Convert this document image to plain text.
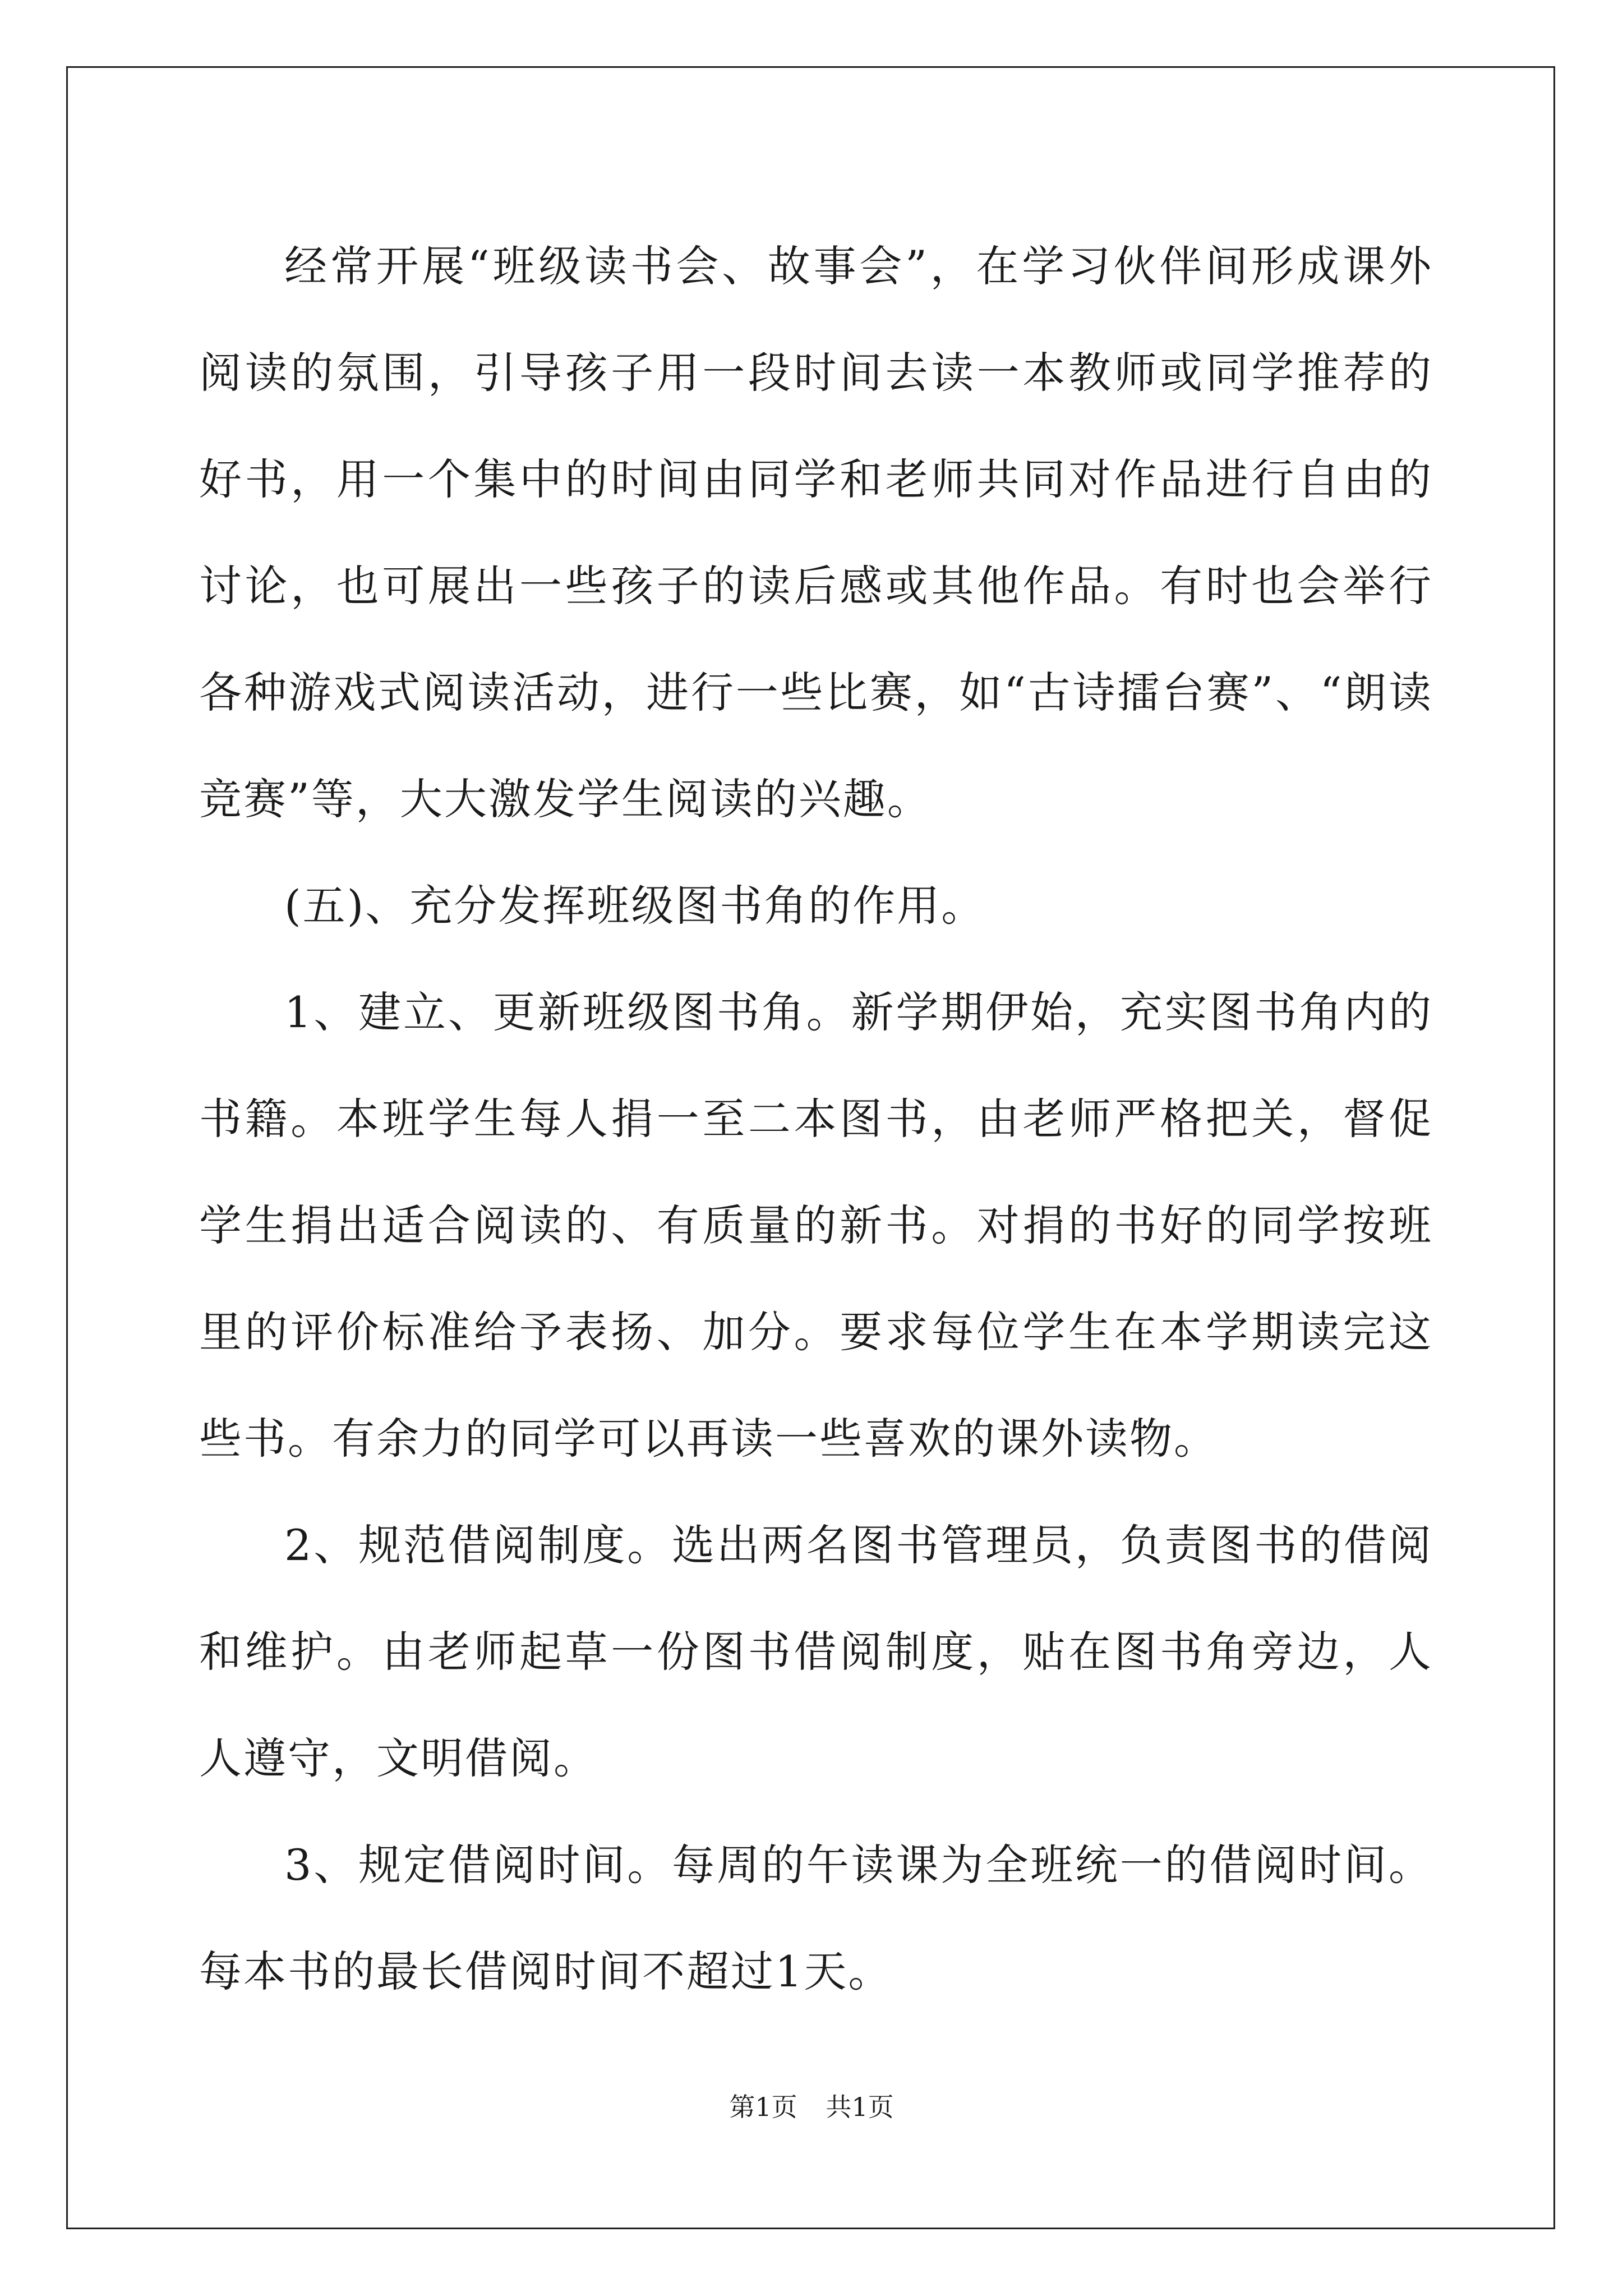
经常开展“班级读书会、故事会”，在学习伙伴间形成课外阅读的氛围，引导孩子用一段时间去读一本教师或同学推荐的好书，用一个集中的时间由同学和老师共同对作品进行自由的讨论，也可展出一些孩子的读后感或其他作品。有时也会举行各种游戏式阅读活动，进行一些比赛，如“古诗擂台赛”、“朗读竞赛”等，大大激发学生阅读的兴趣。

(五)、充分发挥班级图书角的作用。

1、建立、更新班级图书角。新学期伊始，充实图书角内的书籍。本班学生每人捐一至二本图书，由老师严格把关，督促学生捐出适合阅读的、有质量的新书。对捐的书好的同学按班里的评价标准给予表扬、加分。要求每位学生在本学期读完这些书。有余力的同学可以再读一些喜欢的课外读物。

2、规范借阅制度。选出两名图书管理员，负责图书的借阅和维护。由老师起草一份图书借阅制度，贴在图书角旁边，人人遵守，文明借阅。

3、规定借阅时间。每周的午读课为全班统一的借阅时间。每本书的最长借阅时间不超过1天。

第1页 共1页
